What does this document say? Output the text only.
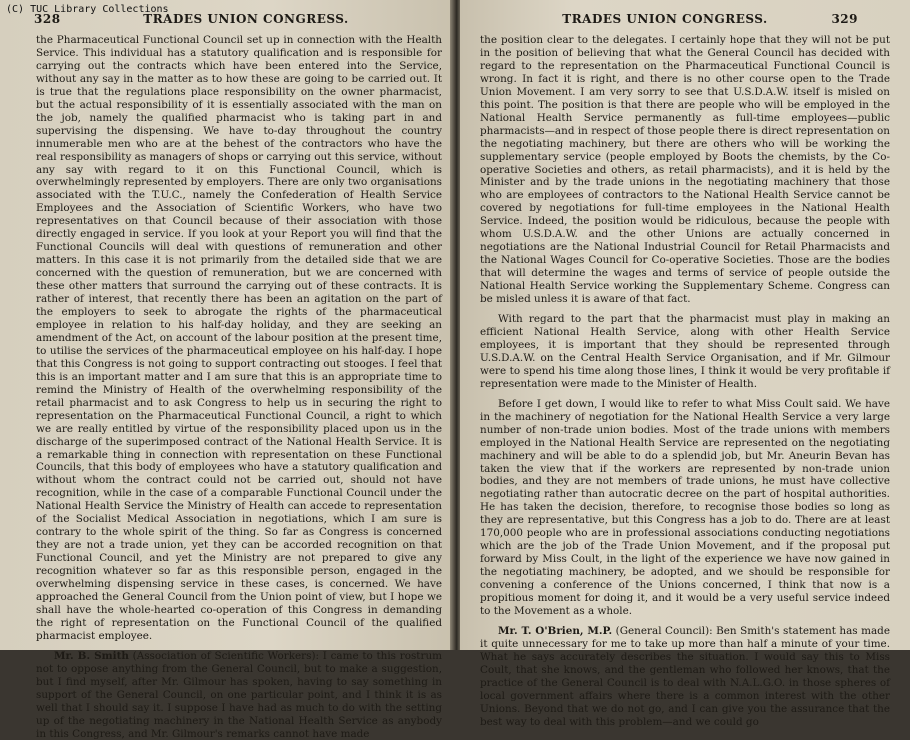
328	TRADES UNION CONGRESS.

the Pharmaceutical Functional Council set up in connection with the Health Service. This individual has a statutory qualification and is responsible for carrying out the contracts which have been entered into the Service, without any say in the matter as to how these are going to be carried out. It is true that the regulations place responsibility on the owner pharmacist, but the actual responsibility of it is essentially associated with the man on the job, namely the qualified pharmacist who is taking part in and supervising the dispensing. We have to-day throughout the country innumerable men who are at the behest of the contractors who have the real responsibility as managers of shops or carrying out this service, without any say with regard to it on this Functional Council, which is overwhelmingly represented by employers. There are only two organisations associated with the T.U.C., namely the Confederation of Health Service Employees and the Association of Scientific Workers, who have two representatives on that Council because of their association with those directly engaged in service. If you look at your Report you will find that the Functional Councils will deal with questions of remuneration and other matters. In this case it is not primarily from the detailed side that we are concerned with the question of remuneration, but we are concerned with these other matters that surround the carrying out of these contracts. It is rather of interest, that recently there has been an agitation on the part of the employers to seek to abrogate the rights of the pharmaceutical employee in relation to his half-day holiday, and they are seeking an amendment of the Act, on account of the labour position at the present time, to utilise the services of the pharmaceutical employee on his half-day. I hope that this Congress is not going to support contracting out stooges. I feel that this is an important matter and I am sure that this is an appropriate time to remind the Ministry of Health of the overwhelming responsibility of the retail pharmacist and to ask Congress to help us in securing the right to representation on the Pharmaceutical Functional Council, a right to which we are really entitled by virtue of the responsibility placed upon us in the discharge of the superimposed contract of the National Health Service. It is a remarkable thing in connection with representation on these Functional Councils, that this body of employees who have a statutory qualification and without whom the contract could not be carried out, should not have recognition, while in the case of a comparable Functional Council under the National Health Service the Ministry of Health can accede to representation of the Socialist Medical Association in negotiations, which I am sure is contrary to the whole spirit of the thing. So far as Congress is concerned they are not a trade union, yet they can be accorded recognition on that Functional Council, and yet the Ministry are not prepared to give any recognition whatever so far as this responsible person, engaged in the overwhelming dispensing service in these cases, is concerned. We have approached the General Council from the Union point of view, but I hope we shall have the whole-hearted co-operation of this Congress in demanding the right of representation on the Functional Council of the qualified pharmacist employee.

Mr. B. Smith (Association of Scientific Workers): I came to this rostrum not to oppose anything from the General Council, but to make a suggestion, but I find myself, after Mr. Gilmour has spoken, having to say something in support of the General Council, on one particular point, and I think it is as well that I should say it. I suppose I have had as much to do with the setting up of the negotiating machinery in the National Health Service as anybody in this Congress, and Mr. Gilmour's remarks cannot have made

TRADES UNION CONGRESS.	329

the position clear to the delegates. I certainly hope that they will not be put in the position of believing that what the General Council has decided with regard to the representation on the Pharmaceutical Functional Council is wrong. In fact it is right, and there is no other course open to the Trade Union Movement. I am very sorry to see that U.S.D.A.W. itself is misled on this point. The position is that there are people who will be employed in the National Health Service permanently as full-time employees—public pharmacists—and in respect of those people there is direct representation on the negotiating machinery, but there are others who will be working the supplementary service (people employed by Boots the chemists, by the Co-operative Societies and others, as retail pharmacists), and it is held by the Minister and by the trade unions in the negotiating machinery that those who are employees of contractors to the National Health Service cannot be covered by negotiations for full-time employees in the National Health Service. Indeed, the position would be ridiculous, because the people with whom U.S.D.A.W. and the other Unions are actually concerned in negotiations are the National Industrial Council for Retail Pharmacists and the National Wages Council for Co-operative Societies. Those are the bodies that will determine the wages and terms of service of people outside the National Health Service working the Supplementary Scheme. Congress can be misled unless it is aware of that fact.

With regard to the part that the pharmacist must play in making an efficient National Health Service, along with other Health Service employees, it is important that they should be represented through U.S.D.A.W. on the Central Health Service Organisation, and if Mr. Gilmour were to spend his time along those lines, I think it would be very profitable if representation were made to the Minister of Health.

Before I get down, I would like to refer to what Miss Coult said. We have in the machinery of negotiation for the National Health Service a very large number of non-trade union bodies. Most of the trade unions with members employed in the National Health Service are represented on the negotiating machinery and will be able to do a splendid job, but Mr. Aneurin Bevan has taken the view that if the workers are represented by non-trade union bodies, and they are not members of trade unions, he must have collective negotiating rather than autocratic decree on the part of hospital authorities. He has taken the decision, therefore, to recognise those bodies so long as they are representative, but this Congress has a job to do. There are at least 170,000 people who are in professional associations conducting negotiations which are the job of the Trade Union Movement, and if the proposal put forward by Miss Coult, in the light of the experience we have now gained in the negotiating machinery, be adopted, and we should be responsible for convening a conference of the Unions concerned, I think that now is a propitious moment for doing it, and it would be a very useful service indeed to the Movement as a whole.

Mr. T. O'Brien, M.P. (General Council): Ben Smith's statement has made it quite unnecessary for me to take up more than half a minute of your time. What he says accurately describes the situation. I would say this to Miss Coult, that she knows, and the gentleman who followed her knows, that the practice of the General Council is to deal with N.A.L.G.O. in those spheres of local government affairs where there is a common interest with the other Unions. Beyond that we do not go, and I can give you the assurance that the best way to deal with this problem—and we could go

(C) TUC Library Collections
